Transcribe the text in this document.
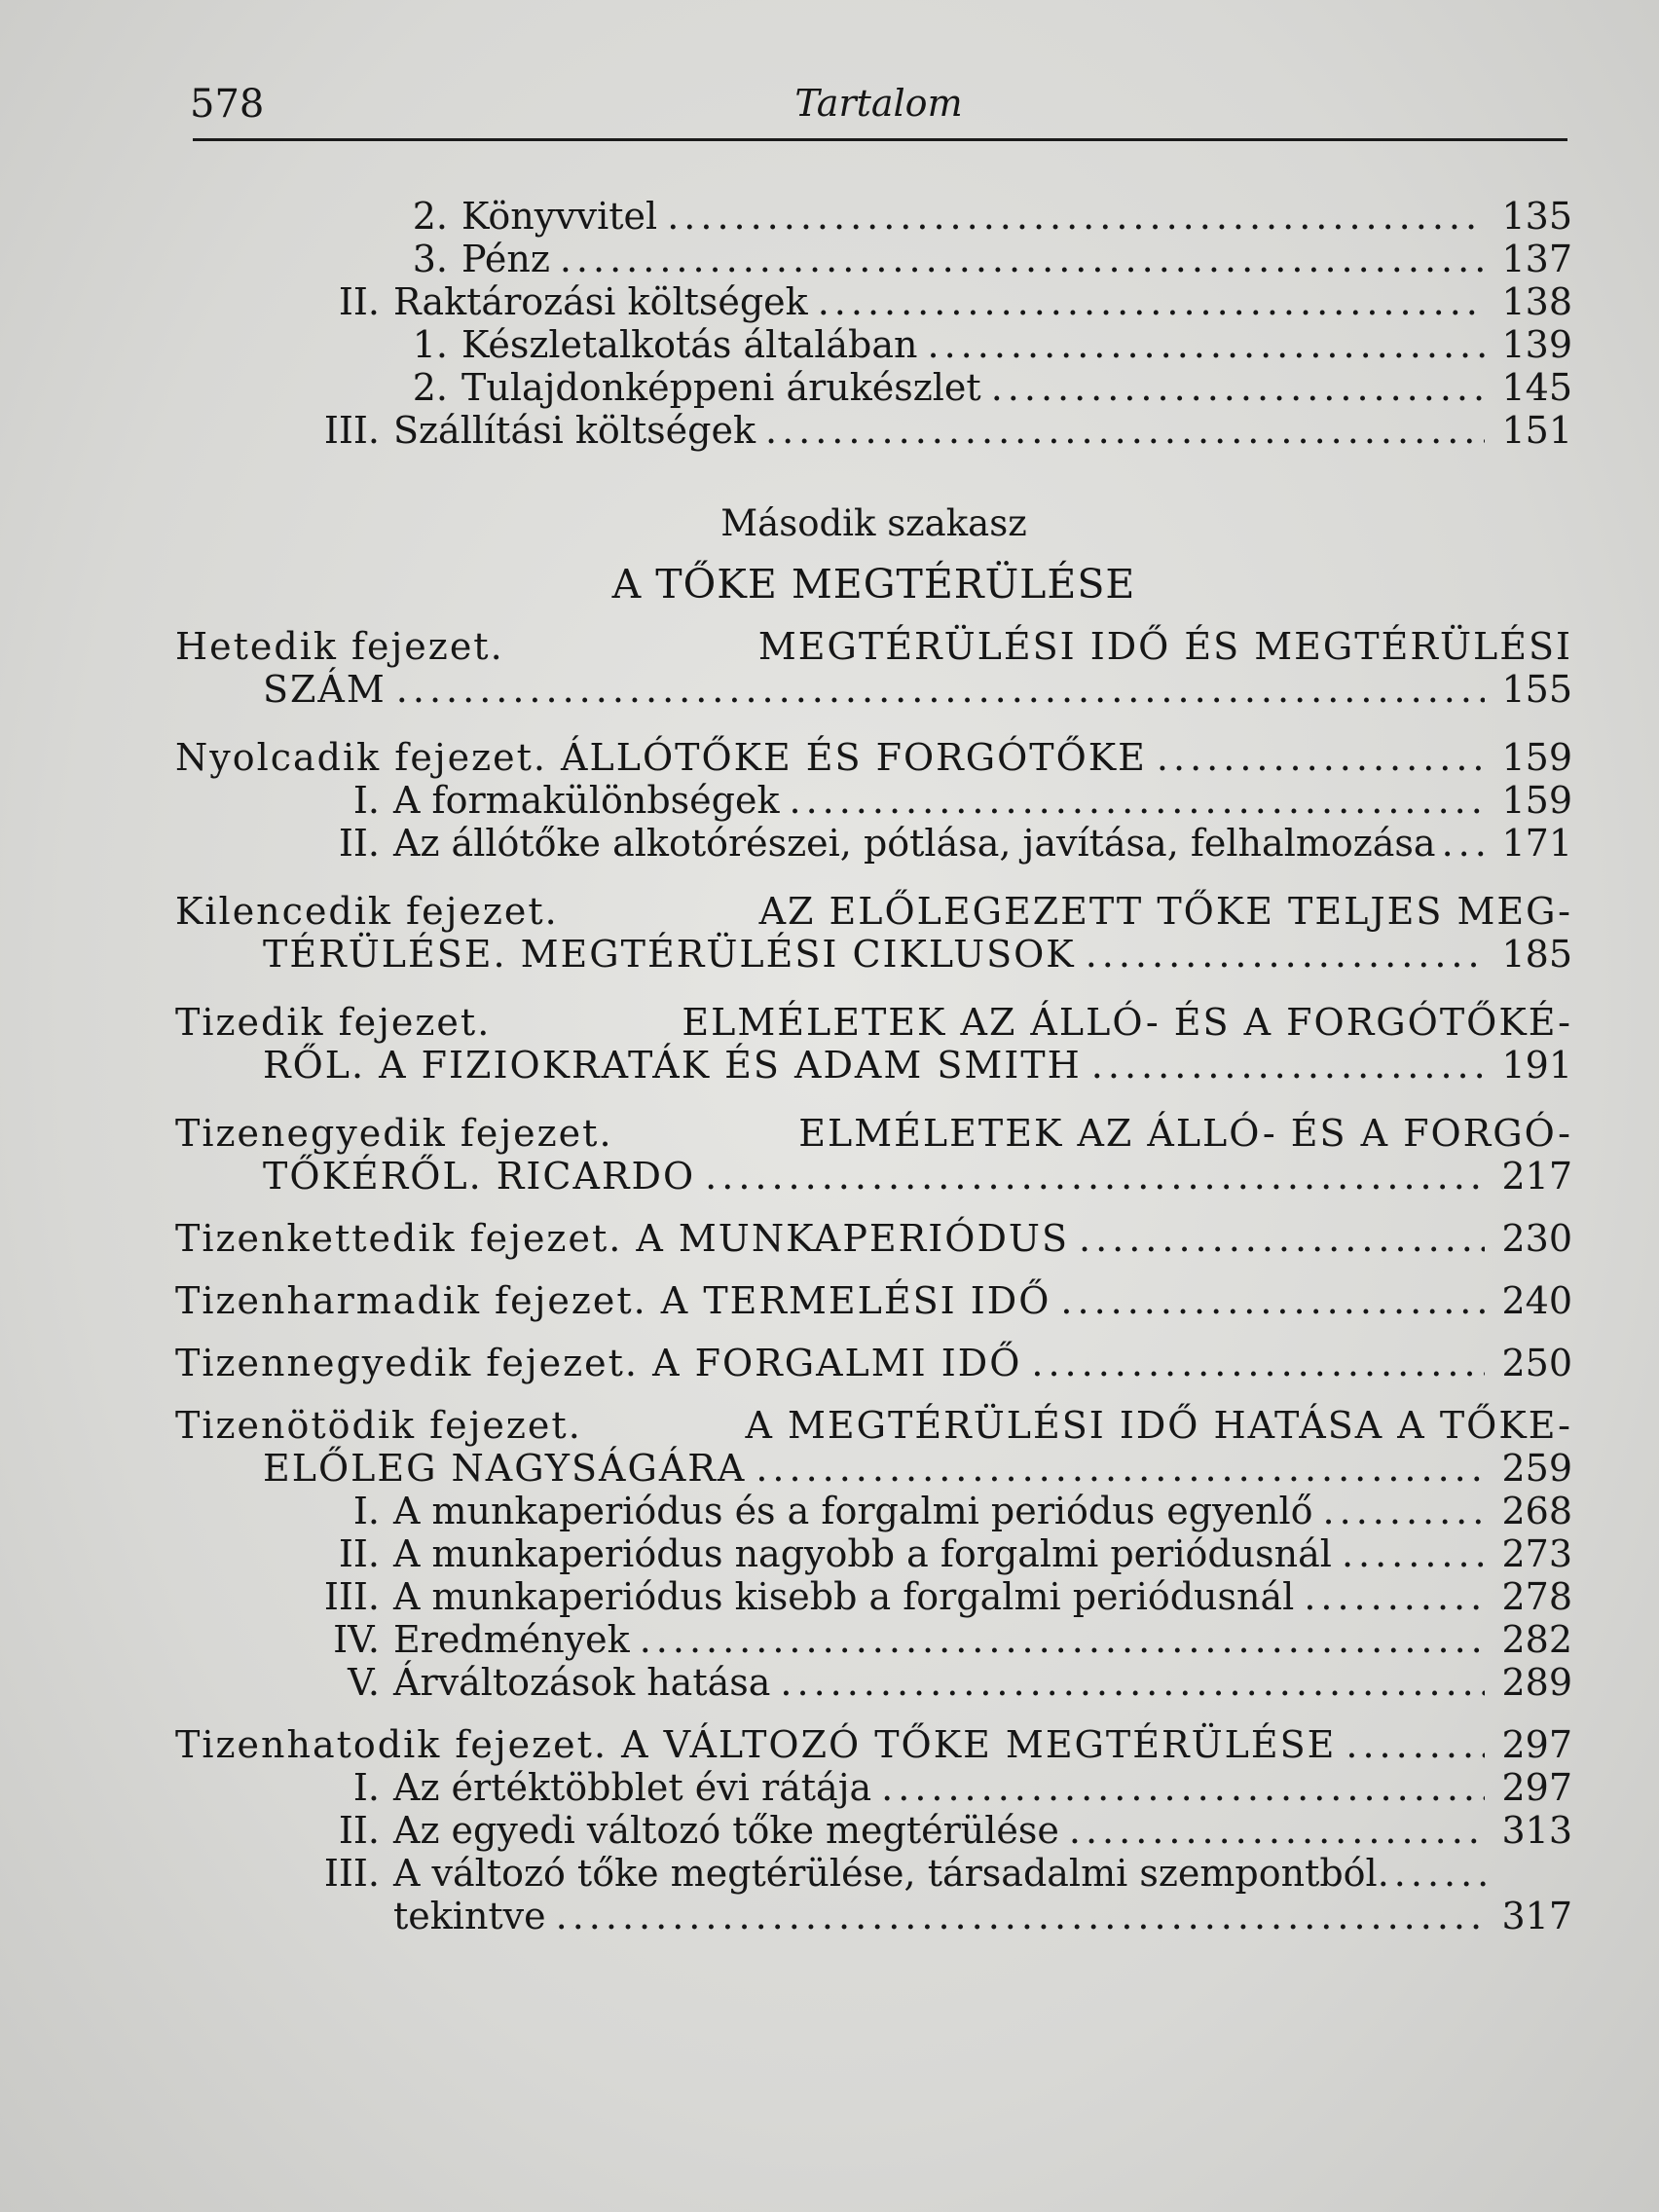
578	Tartalom
2. Könyvvitel .....	135
3. Pénz .....	137
II. Raktározási költségek .....	138
1. Készletalkotás általában .....	139
2. Tulajdonképpeni árukészlet .....	145
III. Szállítási költségek .....	151
Második szakasz
A TŐKE MEGTÉRÜLÉSE
Hetedik fejezet.	MEGTÉRÜLÉSI IDŐ ÉS MEGTÉRÜLÉSI
SZÁM .....	155
Nyolcadik fejezet. ÁLLÓTŐKE ÉS FORGÓTŐKE .....	159
I. A formakülönbségek .....	159
II. Az állótőke alkotórészei, pótlása, javítása, felhalmozása ..... 171
Kilencedik fejezet.	AZ ELŐLEGEZETT TŐKE TELJES MEG-
TÉRÜLÉSE. MEGTÉRÜLÉSI CIKLUSOK .....	185
Tizedik fejezet.	ELMÉLETEK AZ ÁLLÓ- ÉS A FORGÓTŐKÉ-
RŐL. A FIZIOKRATÁK ÉS ADAM SMITH .....	191
Tizenegyedik fejezet.	ELMÉLETEK AZ ÁLLÓ- ÉS A FORGÓ-
TŐKÉRŐL. RICARDO .....	217
Tizenkettedik fejezet. A MUNKAPERIÓDUS .....	230
Tizenharmadik fejezet. A TERMELÉSI IDŐ .....	240
Tizennegyedik fejezet. A FORGALMI IDŐ .....	250
Tizenötödik fejezet.	A MEGTÉRÜLÉSI IDŐ HATÁSA A TŐKE-
ELŐLEG NAGYSÁGÁRA .....	259
I. A munkaperiódus és a forgalmi periódus egyenlő .....	268
II. A munkaperiódus nagyobb a forgalmi periódusnál .....	273
III. A munkaperiódus kisebb a forgalmi periódusnál .....	278
IV. Eredmények .....	282
V. Árváltozások hatása .....	289
Tizenhatodik fejezet. A VÁLTOZÓ TŐKE MEGTÉRÜLÉSE .....	297
I. Az értéktöbblet évi rátája .....	297
II. Az egyedi változó tőke megtérülése .....	313
III. A változó tőke megtérülése, társadalmi szempontból
.....
tekintve .....	317
